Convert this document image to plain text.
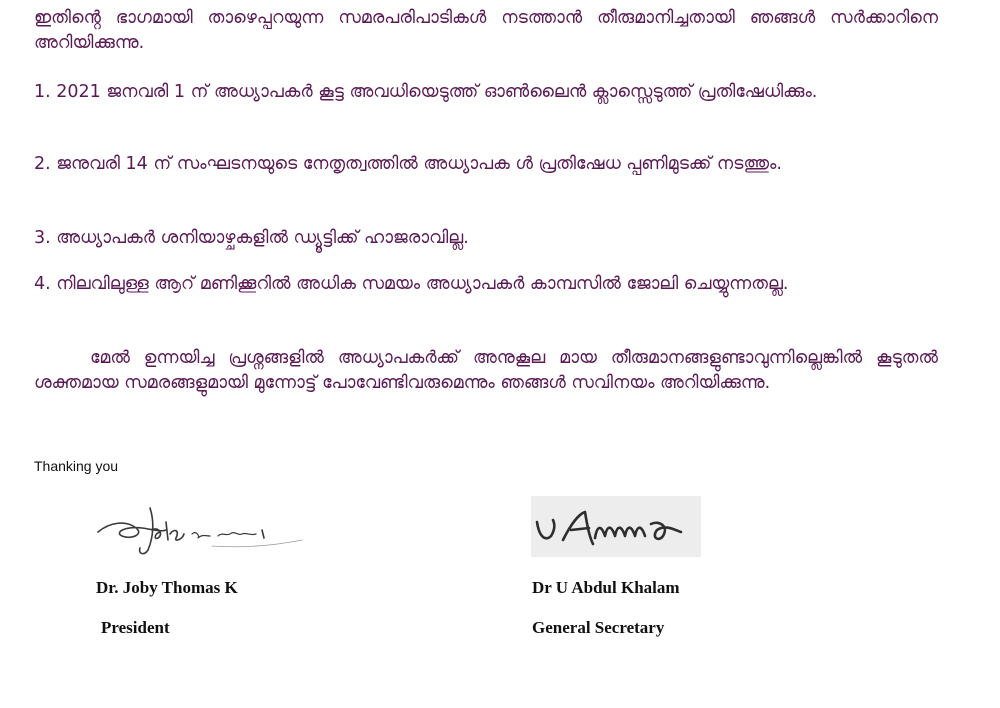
ഇതിൻ്റെ ഭാഗമായി താഴെപ്പറയുന്ന സമരപരിപാടികൾ നടത്താൻ തീരുമാനിച്ചതായി ഞങ്ങൾ സർക്കാറിനെ അറിയിക്കുന്നു.

1. 2021 ജനവരി 1 ന് അധ്യാപകർ കൂട്ട അവധിയെടുത്ത് ഓൺലൈൻ ക്ലാസ്സെടുത്ത് പ്രതിഷേധിക്കും.

2. ജനുവരി 14 ന് സംഘടനയുടെ നേതൃത്വത്തിൽ അധ്യാപക ൾ പ്രതിഷേധ പ്പണിമുടക്ക് നടത്തും.

3. അധ്യാപകർ ശനിയാഴ്ചകളിൽ ഡ്യൂട്ടിക്ക് ഹാജരാവില്ല.

4. നിലവിലുള്ള ആറ് മണിക്കൂറിൽ അധിക സമയം അധ്യാപകർ കാമ്പസിൽ ജോലി ചെയ്യുന്നതല്ല.

മേൽ ഉന്നയിച്ച പ്രശ്നങ്ങളിൽ അധ്യാപകർക്ക് അനുകൂല മായ തീരുമാനങ്ങളുണ്ടാവുന്നില്ലെങ്കിൽ കൂടുതൽ ശക്തമായ സമരങ്ങളുമായി മുന്നോട്ട് പോവേണ്ടിവരുമെന്നും ഞങ്ങൾ സവിനയം അറിയിക്കുന്നു.

Thanking you
Dr. Joby Thomas K
President
Dr U Abdul Khalam
General Secretary
